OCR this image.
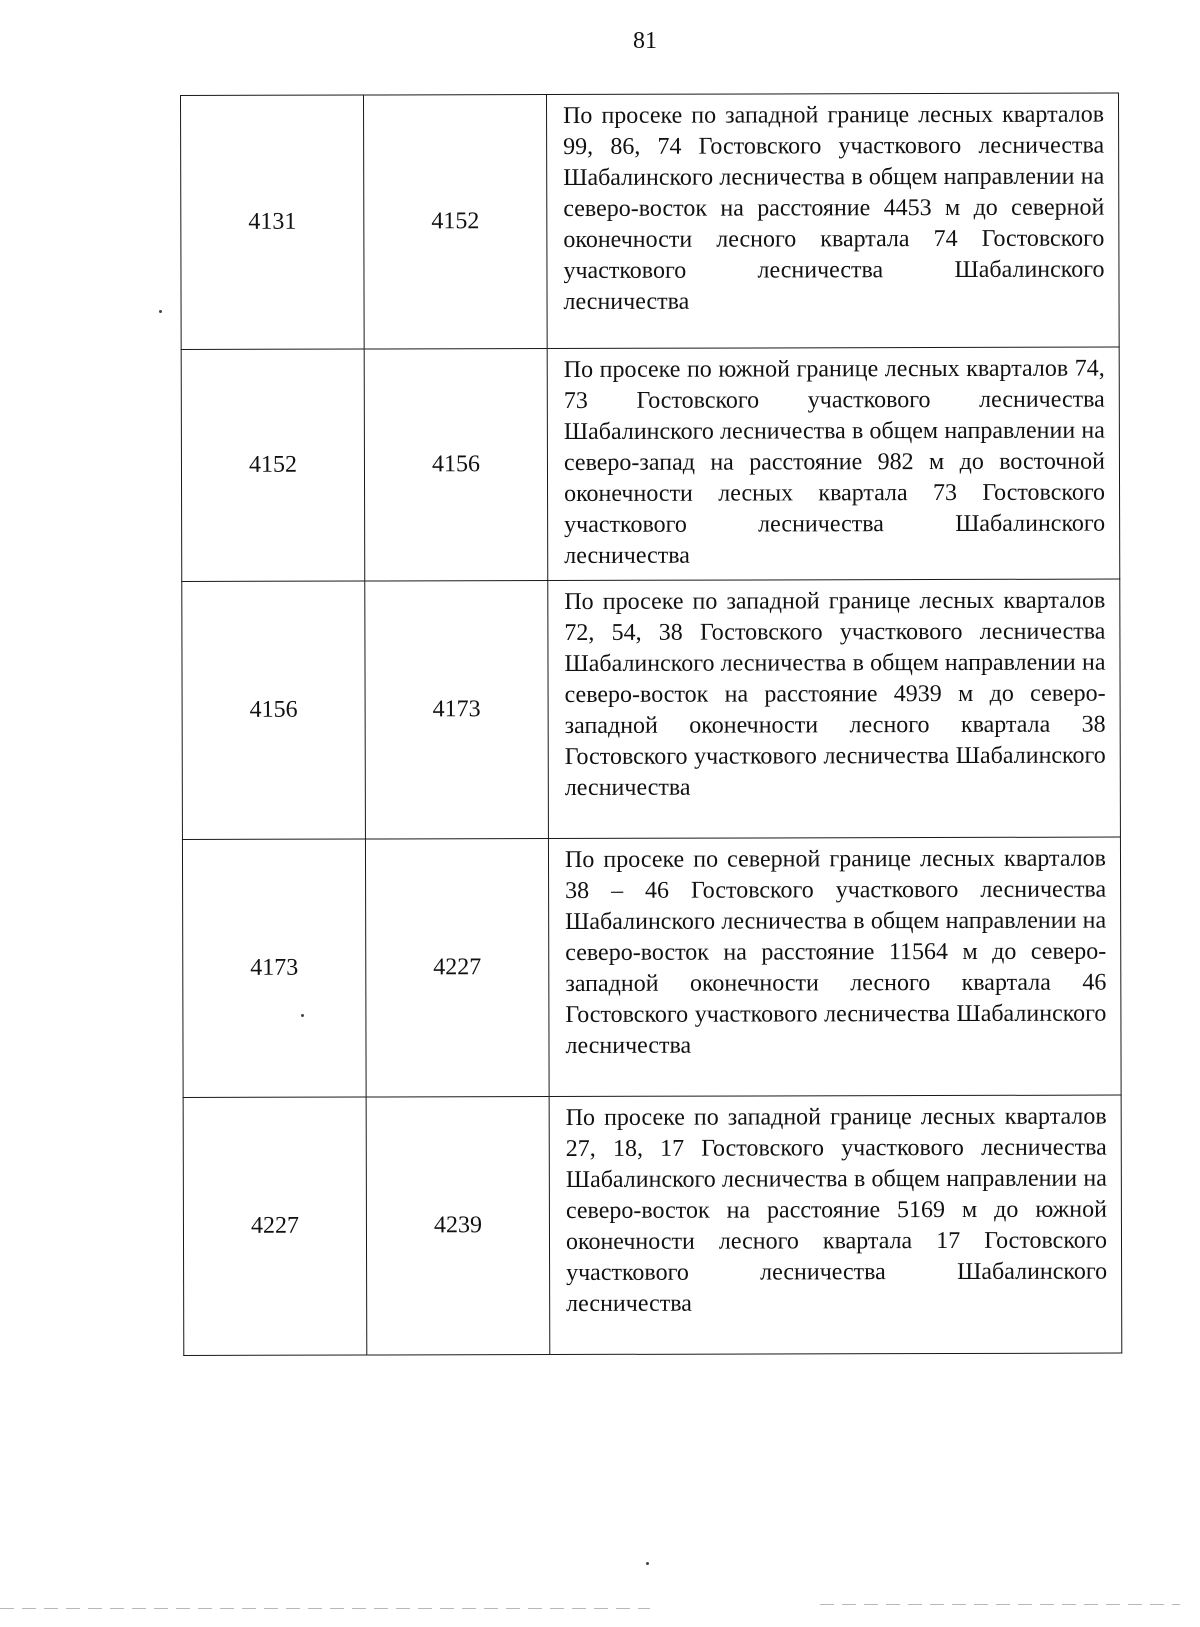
81
4131	4152	По просеке по западной границе лесных кварталов 99, 86, 74 Гостовского участкового лесничества Шабалинского лесничества в общем направлении на северо-восток на расстояние 4453 м до северной оконечности лесного квартала 74 Гостовского участкового лесничества Шабалинского лесничества
4152	4156	По просеке по южной границе лесных кварталов 74, 73 Гостовского участкового лесничества Шабалинского лесничества в общем направлении на северо-запад на расстояние 982 м до восточной оконечности лесных квартала 73 Гостовского участкового лесничества Шабалинского лесничества
4156	4173	По просеке по западной границе лесных кварталов 72, 54, 38 Гостовского участкового лесничества Шабалинского лесничества в общем направлении на северо-восток на расстояние 4939 м до северо-западной оконечности лесного квартала 38 Гостовского участкового лесничества Шабалинского лесничества
4173	4227	По просеке по северной границе лесных кварталов 38 – 46 Гостовского участкового лесничества Шабалинского лесничества в общем направлении на северо-восток на расстояние 11564 м до северо-западной оконечности лесного квартала 46 Гостовского участкового лесничества Шабалинского лесничества
4227	4239	По просеке по западной границе лесных кварталов 27, 18, 17 Гостовского участкового лесничества Шабалинского лесничества в общем направлении на северо-восток на расстояние 5169 м до южной оконечности лесного квартала 17 Гостовского участкового лесничества Шабалинского лесничества
